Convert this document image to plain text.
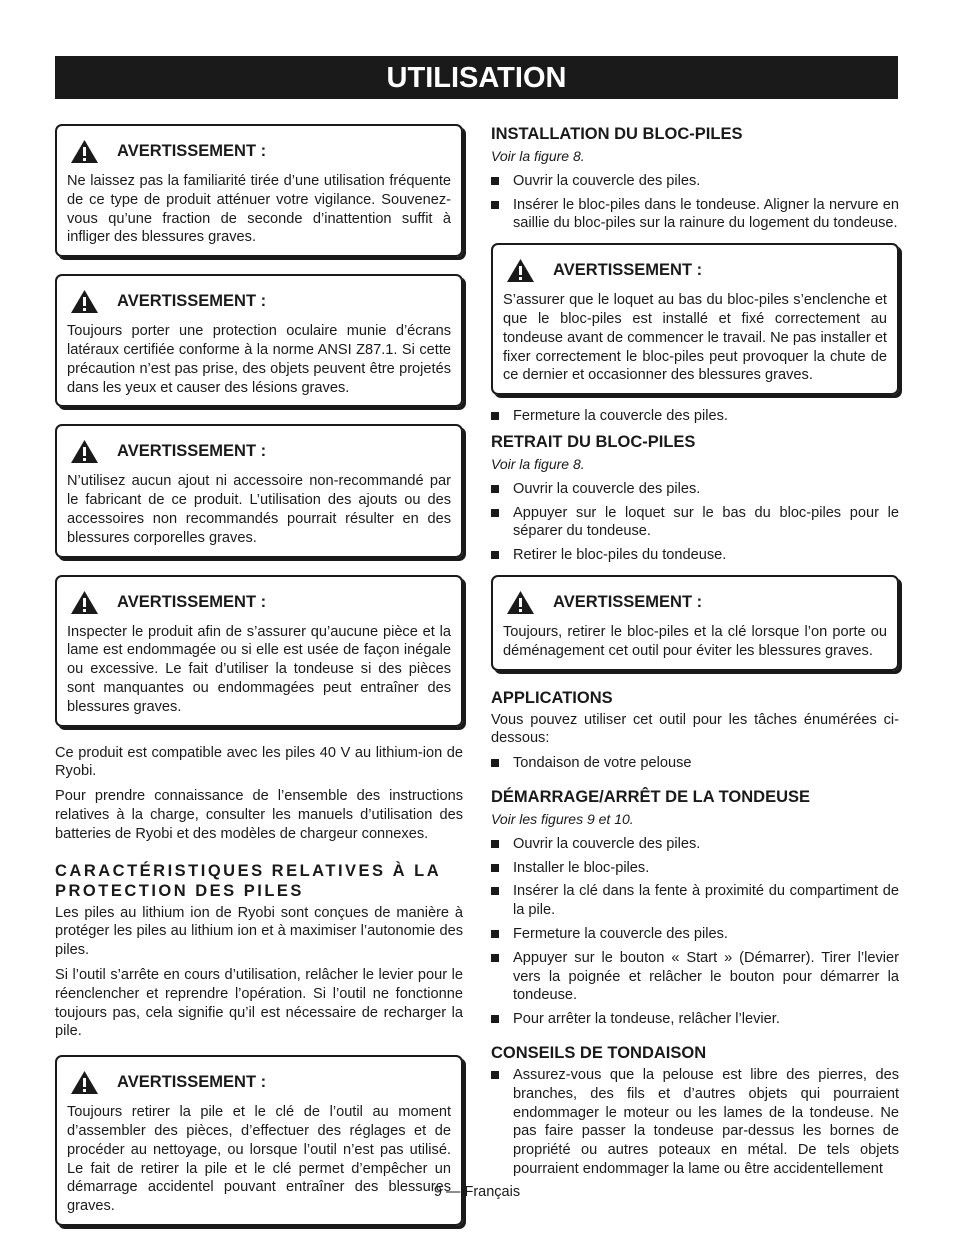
UTILISATION
AVERTISSEMENT :

Ne laissez pas la familiarité tirée d’une utilisation fréquente de ce type de produit atténuer votre vigilance. Souvenez-vous qu’une fraction de seconde d’inattention suffit à infliger des blessures graves.

AVERTISSEMENT :

Toujours porter une protection oculaire munie d’écrans latéraux certifiée conforme à la norme ANSI Z87.1. Si cette précaution n’est pas prise, des objets peuvent être projetés dans les yeux et causer des lésions graves.

AVERTISSEMENT :

N’utilisez aucun ajout ni accessoire non-recommandé par le fabricant de ce produit. L’utilisation des ajouts ou des accessoires non recommandés pourrait résulter en des blessures corporelles graves.

AVERTISSEMENT :

Inspecter le produit afin de s’assurer qu’aucune pièce et la lame est endommagée ou si elle est usée de façon inégale ou excessive. Le fait d’utiliser la tondeuse si des pièces sont manquantes ou endommagées peut entraîner des blessures graves.

Ce produit est compatible avec les piles 40 V au lithium-ion de Ryobi.

Pour prendre connaissance de l’ensemble des instructions relatives à la charge, consulter les manuels d’utilisation des batteries de Ryobi et des modèles de chargeur connexes.

CARACTÉRISTIQUES RELATIVES À LA PROTECTION DES PILES

Les piles au lithium ion de Ryobi sont conçues de manière à protéger les piles au lithium ion et à maximiser l’autonomie des piles.

Si l’outil s’arrête en cours d’utilisation, relâcher le levier pour le réenclencher et reprendre l’opération. Si l’outil ne fonctionne toujours pas, cela signifie qu’il est nécessaire de recharger la pile.

AVERTISSEMENT :

Toujours retirer la pile et le clé de l’outil au moment d’assembler des pièces, d’effectuer des réglages et de procéder au nettoyage, ou lorsque l’outil n’est pas utilisé. Le fait de retirer la pile et le clé permet d’empêcher un démarrage accidentel pouvant entraîner des blessures graves.

INSTALLATION DU BLOC-PILES

Voir la figure 8.

Ouvrir la couvercle des piles.
Insérer le bloc-piles dans le tondeuse. Aligner la nervure en saillie du bloc-piles sur la rainure du logement du tondeuse.
AVERTISSEMENT :

S’assurer que le loquet au bas du bloc-piles s’enclenche et que le bloc-piles est installé et fixé correctement au tondeuse avant de commencer le travail. Ne pas installer et fixer correctement le bloc-piles peut provoquer la chute de ce dernier et occasionner des blessures graves.

Fermeture la couvercle des piles.
RETRAIT DU BLOC-PILES

Voir la figure 8.

Ouvrir la couvercle des piles.
Appuyer sur le loquet sur le bas du bloc-piles pour le séparer du tondeuse.
Retirer le bloc-piles du tondeuse.
AVERTISSEMENT :

Toujours, retirer le bloc-piles et la clé lorsque l’on porte ou déménagement cet outil pour éviter les blessures graves.

APPLICATIONS

Vous pouvez utiliser cet outil pour les tâches énumérées ci-dessous:

Tondaison de votre pelouse
DÉMARRAGE/ARRÊT DE LA TONDEUSE

Voir les figures 9 et 10.

Ouvrir la couvercle des piles.
Installer le bloc-piles.
Insérer la clé dans la fente à proximité du compartiment de la pile.
Fermeture la couvercle des piles.
Appuyer sur le bouton « Start » (Démarrer). Tirer l’levier vers la poignée et relâcher le bouton pour démarrer la tondeuse.
Pour arrêter la tondeuse, relâcher l’levier.
CONSEILS DE TONDAISON
Assurez-vous que la pelouse est libre des pierres, des branches, des fils et d’autres objets qui pourraient endommager le moteur ou les lames de la tondeuse. Ne pas faire passer la tondeuse par-dessus les bornes de propriété ou autres poteaux en métal. De tels objets pourraient endommager la lame ou être accidentellement
9 — Français
